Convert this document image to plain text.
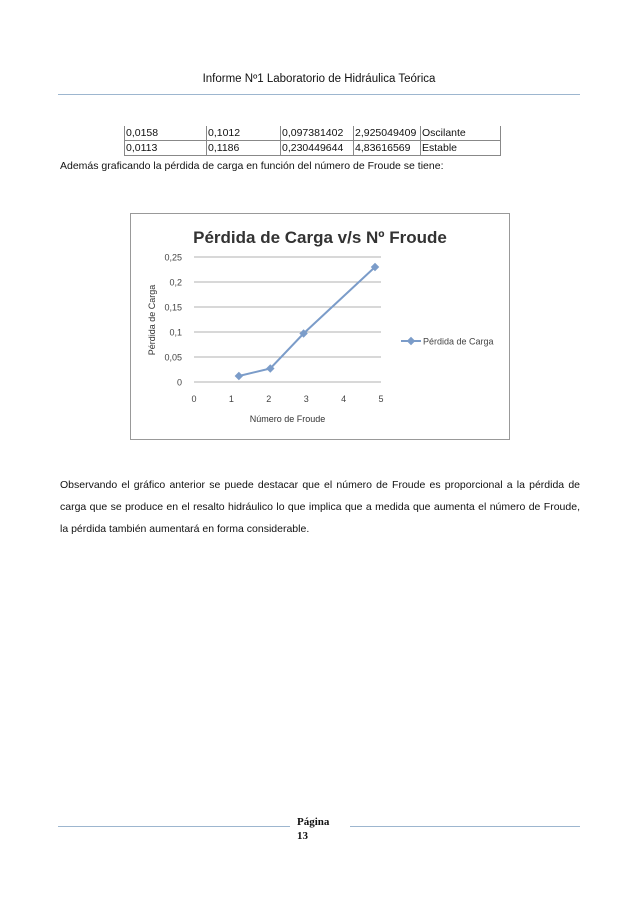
Informe Nº1 Laboratorio de Hidráulica Teórica
0,0158	0,1012	0,097381402	2,925049409	Oscilante
0,0113	0,1186	0,230449644	4,83616569	Estable
Además graficando la pérdida de carga en función del número de Froude se tiene:
Pérdida de Carga v/s Nº Froude
0
0,05
0,1
0,15
0,2
0,25
0	1	2	3	4	5
Número de Froude
Pérdida de Carga	Pérdida de Carga
Observando el gráfico anterior se puede destacar que el número de Froude es proporcional a la pérdida de carga que se produce en el resalto hidráulico lo que implica que a medida que aumenta el número de Froude, la pérdida también aumentará en forma considerable.
Página
13
